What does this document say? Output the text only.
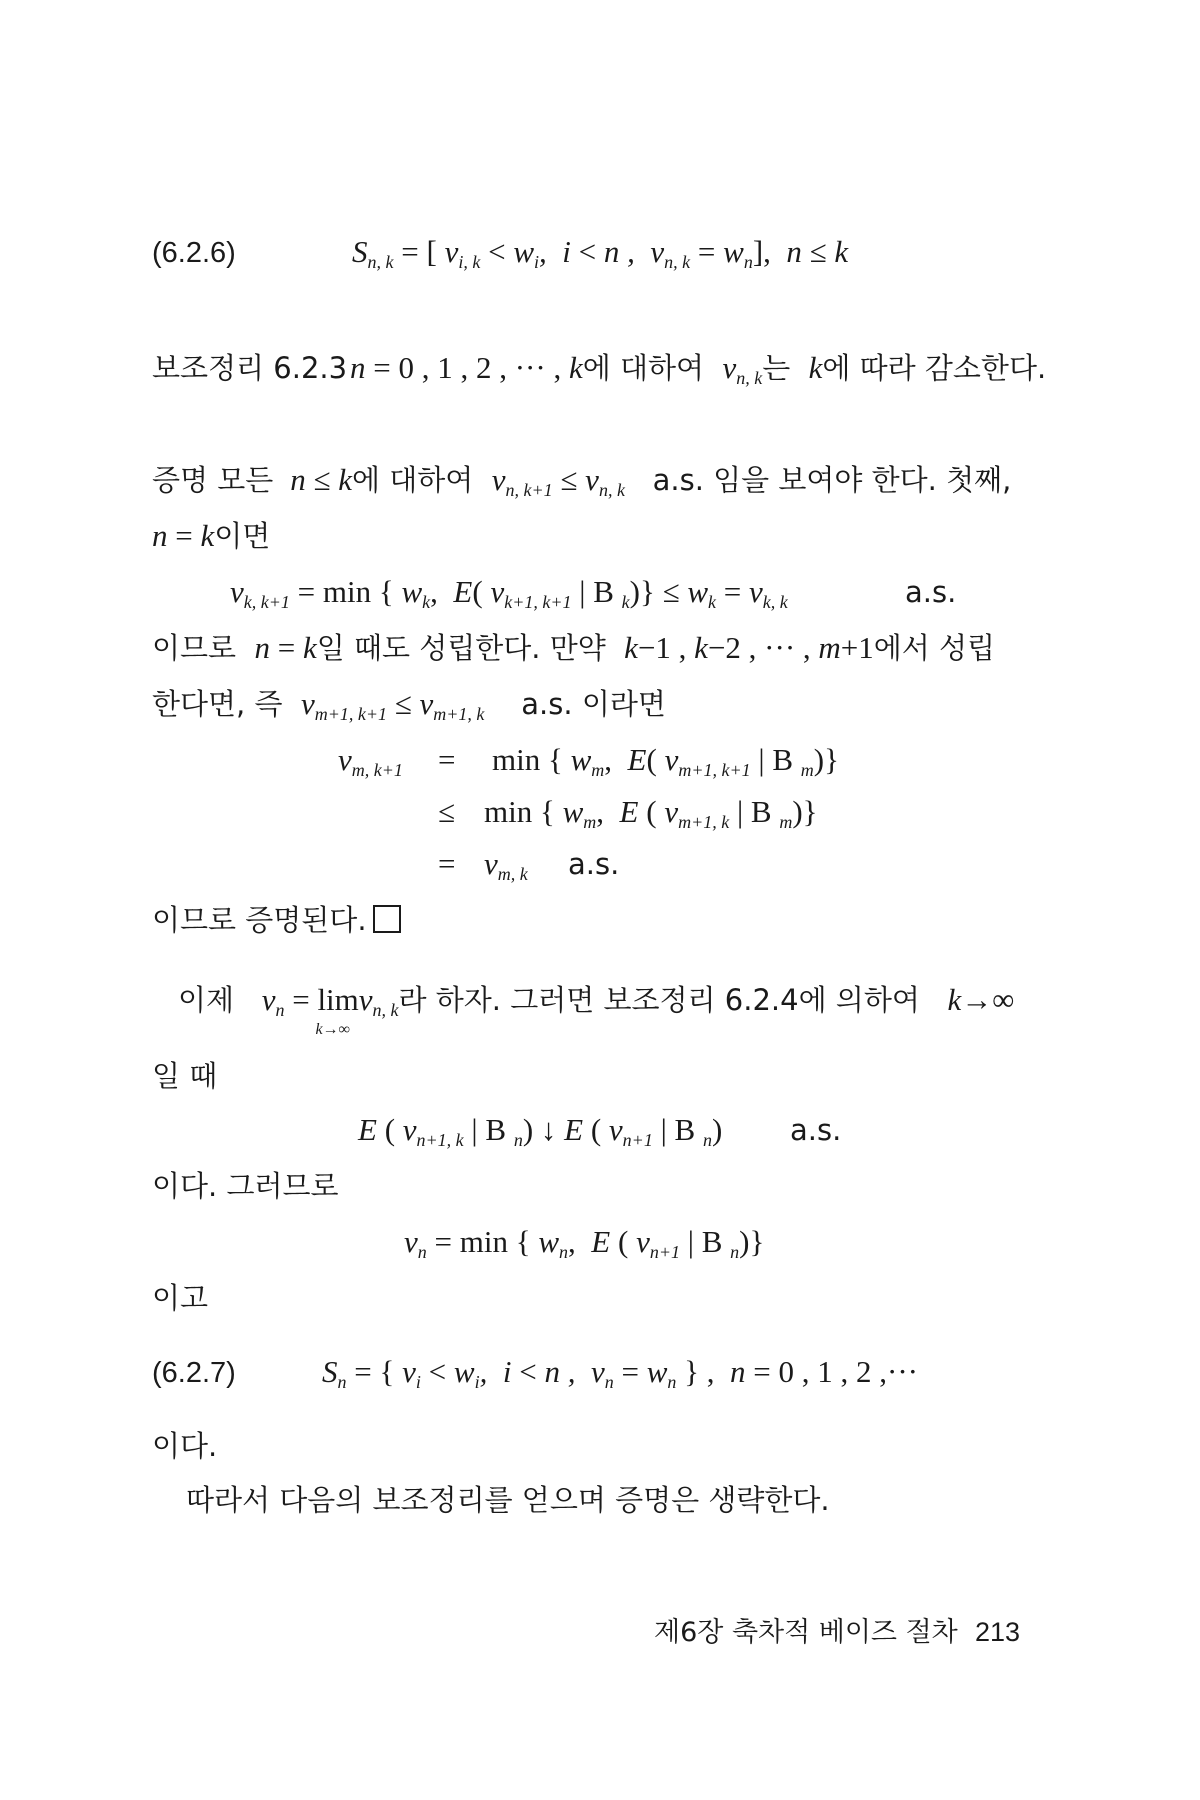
(6.2.6)	$S_{n, k}$ = [ $v_{i, k} < w_i$,  i < n ,  $v_{n, k} = w_n$],  n ≤ k
보조정리 6.2.3 n = 0 , 1 , 2 , ··· , k에 대하여  $v_{n, k}$는  k에 따라 감소한다.
증명 모든  n ≤ k에 대하여 $v_{n, k+1} \le v_{n, k}$ a.s. 임을 보여야 한다. 첫째,
n = k이면
$v_{k, k+1} = \min$ { $w_k$,  E( $v_{k+1, k+1}$ | B $_k)\} \le w_k = v_{k, k}$	a.s.
이므로 n = k일 때도 성립한다. 만약 k−1 , k−2 , ··· , m+1에서 성립
한다면, 즉 $v_{m+1, k+1} \le v_{m+1, k}$ a.s. 이라면
$v_{m, k+1} = \min$ { $w_m$,  E( $v_{m+1, k+1}$ | B $_m$)}
≤ min { $w_m$,  E ( $v_{m+1, k}$ | B $_m$)}
= $v_{m, k}$ a.s.
이므로 증명된다.
이제 $v_n = \lim$
k→∞
$v_{n, k}$라 하자. 그러면 보조정리 6.2.4에 의하여 k→∞
일 때
E ( $v_{n+1, k}$ | B $_n$) ↓ E ( $v_{n+1}$ | B $_n$) a.s.
이다. 그러므로
$v_n = \min$ { $w_n$,  E ( $v_{n+1}$ | B $_n$)}
이고
(6.2.7)	$S_n$ = { $v_i < w_i$,  i < n ,  $v_n = w_n$ } ,  n = 0 , 1 , 2 ,···
이다.
따라서 다음의 보조정리를 얻으며 증명은 생략한다.
제6장 축차적 베이즈 절차 213
